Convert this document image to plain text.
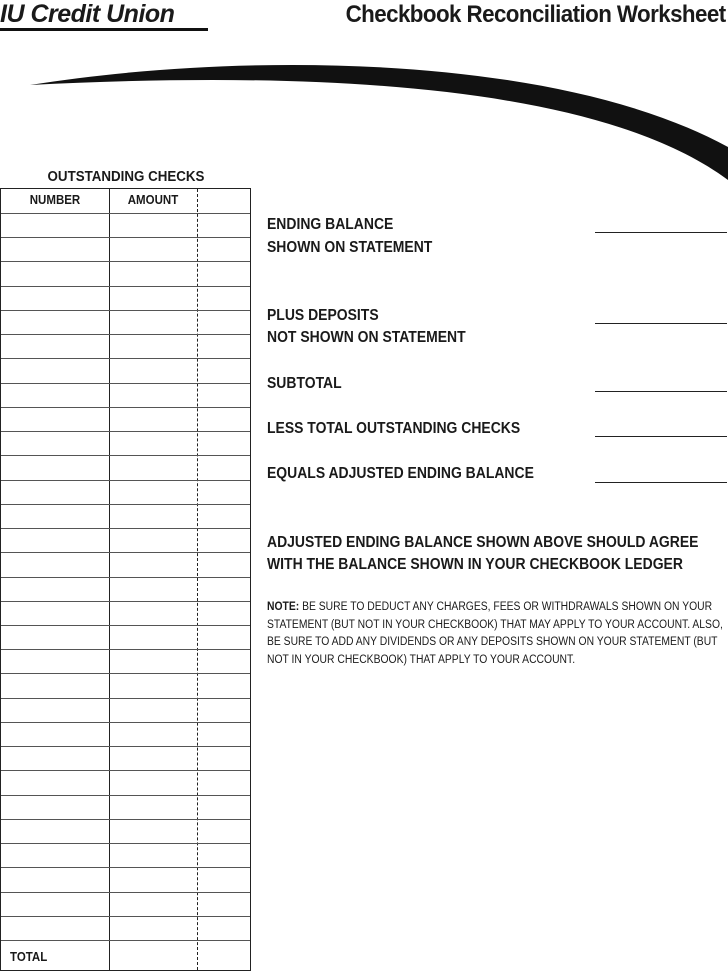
IU Credit Union	Checkbook Reconciliation Worksheet
OUTSTANDING CHECKS
NUMBER	AMOUNT
TOTAL
ENDING BALANCE
SHOWN ON STATEMENT
PLUS DEPOSITS
NOT SHOWN ON STATEMENT
SUBTOTAL
LESS TOTAL OUTSTANDING CHECKS
EQUALS ADJUSTED ENDING BALANCE
ADJUSTED ENDING BALANCE SHOWN ABOVE SHOULD AGREE WITH THE BALANCE SHOWN IN YOUR CHECKBOOK LEDGER
NOTE: BE SURE TO DEDUCT ANY CHARGES, FEES OR WITHDRAWALS SHOWN ON YOUR STATEMENT (BUT NOT IN YOUR CHECKBOOK) THAT MAY APPLY TO YOUR ACCOUNT. ALSO, BE SURE TO ADD ANY DIVIDENDS OR ANY DEPOSITS SHOWN ON YOUR STATEMENT (BUT NOT IN YOUR CHECKBOOK) THAT APPLY TO YOUR ACCOUNT.
